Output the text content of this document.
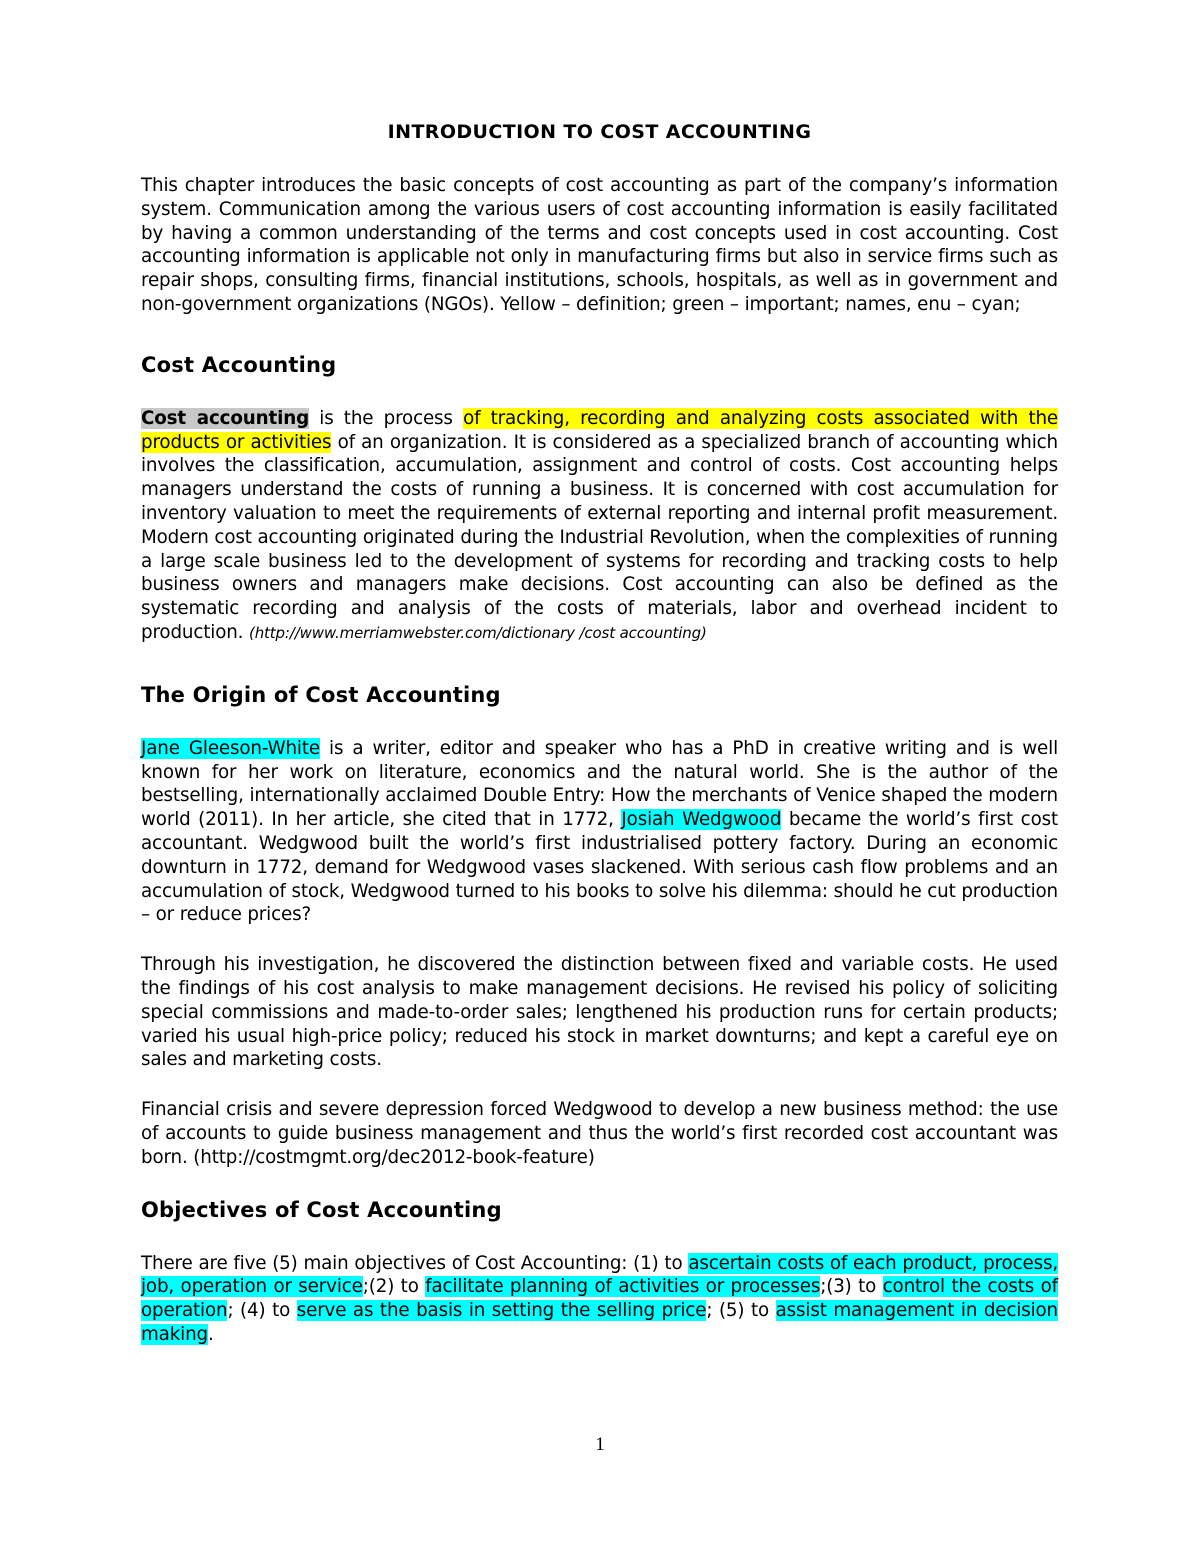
INTRODUCTION TO COST ACCOUNTING

This chapter introduces the basic concepts of cost accounting as part of the company’s information system. Communication among the various users of cost accounting information is easily facilitated by having a common understanding of the terms and cost concepts used in cost accounting. Cost accounting information is applicable not only in manufacturing firms but also in service firms such as repair shops, consulting firms, financial institutions, schools, hospitals, as well as in government and non-government organizations (NGOs). Yellow – definition; green – important; names, enu – cyan;

Cost Accounting

Cost accounting is the process of tracking, recording and analyzing costs associated with the products or activities of an organization. It is considered as a specialized branch of accounting which involves the classification, accumulation, assignment and control of costs. Cost accounting helps managers understand the costs of running a business. It is concerned with cost accumulation for inventory valuation to meet the requirements of external reporting and internal profit measurement. Modern cost accounting originated during the Industrial Revolution, when the complexities of running a large scale business led to the development of systems for recording and tracking costs to help business owners and managers make decisions. Cost accounting can also be defined as the systematic recording and analysis of the costs of materials, labor and overhead incident to production. (http://www.merriamwebster.com/dictionary /cost accounting)

The Origin of Cost Accounting

Jane Gleeson-White is a writer, editor and speaker who has a PhD in creative writing and is well known for her work on literature, economics and the natural world. She is the author of the bestselling, internationally acclaimed Double Entry: How the merchants of Venice shaped the modern world (2011). In her article, she cited that in 1772, Josiah Wedgwood became the world’s first cost accountant. Wedgwood built the world’s first industrialised pottery factory. During an economic downturn in 1772, demand for Wedgwood vases slackened. With serious cash flow problems and an accumulation of stock, Wedgwood turned to his books to solve his dilemma: should he cut production – or reduce prices?

Through his investigation, he discovered the distinction between fixed and variable costs. He used the findings of his cost analysis to make management decisions. He revised his policy of soliciting special commissions and made-to-order sales; lengthened his production runs for certain products; varied his usual high-price policy; reduced his stock in market downturns; and kept a careful eye on sales and marketing costs.

Financial crisis and severe depression forced Wedgwood to develop a new business method: the use of accounts to guide business management and thus the world’s first recorded cost accountant was born. (http://costmgmt.org/dec2012-book-feature)

Objectives of Cost Accounting

There are five (5) main objectives of Cost Accounting: (1) to ascertain costs of each product, process, job, operation or service;(2) to facilitate planning of activities or processes;(3) to control the costs of operation; (4) to serve as the basis in setting the selling price; (5) to assist management in decision making.

1
